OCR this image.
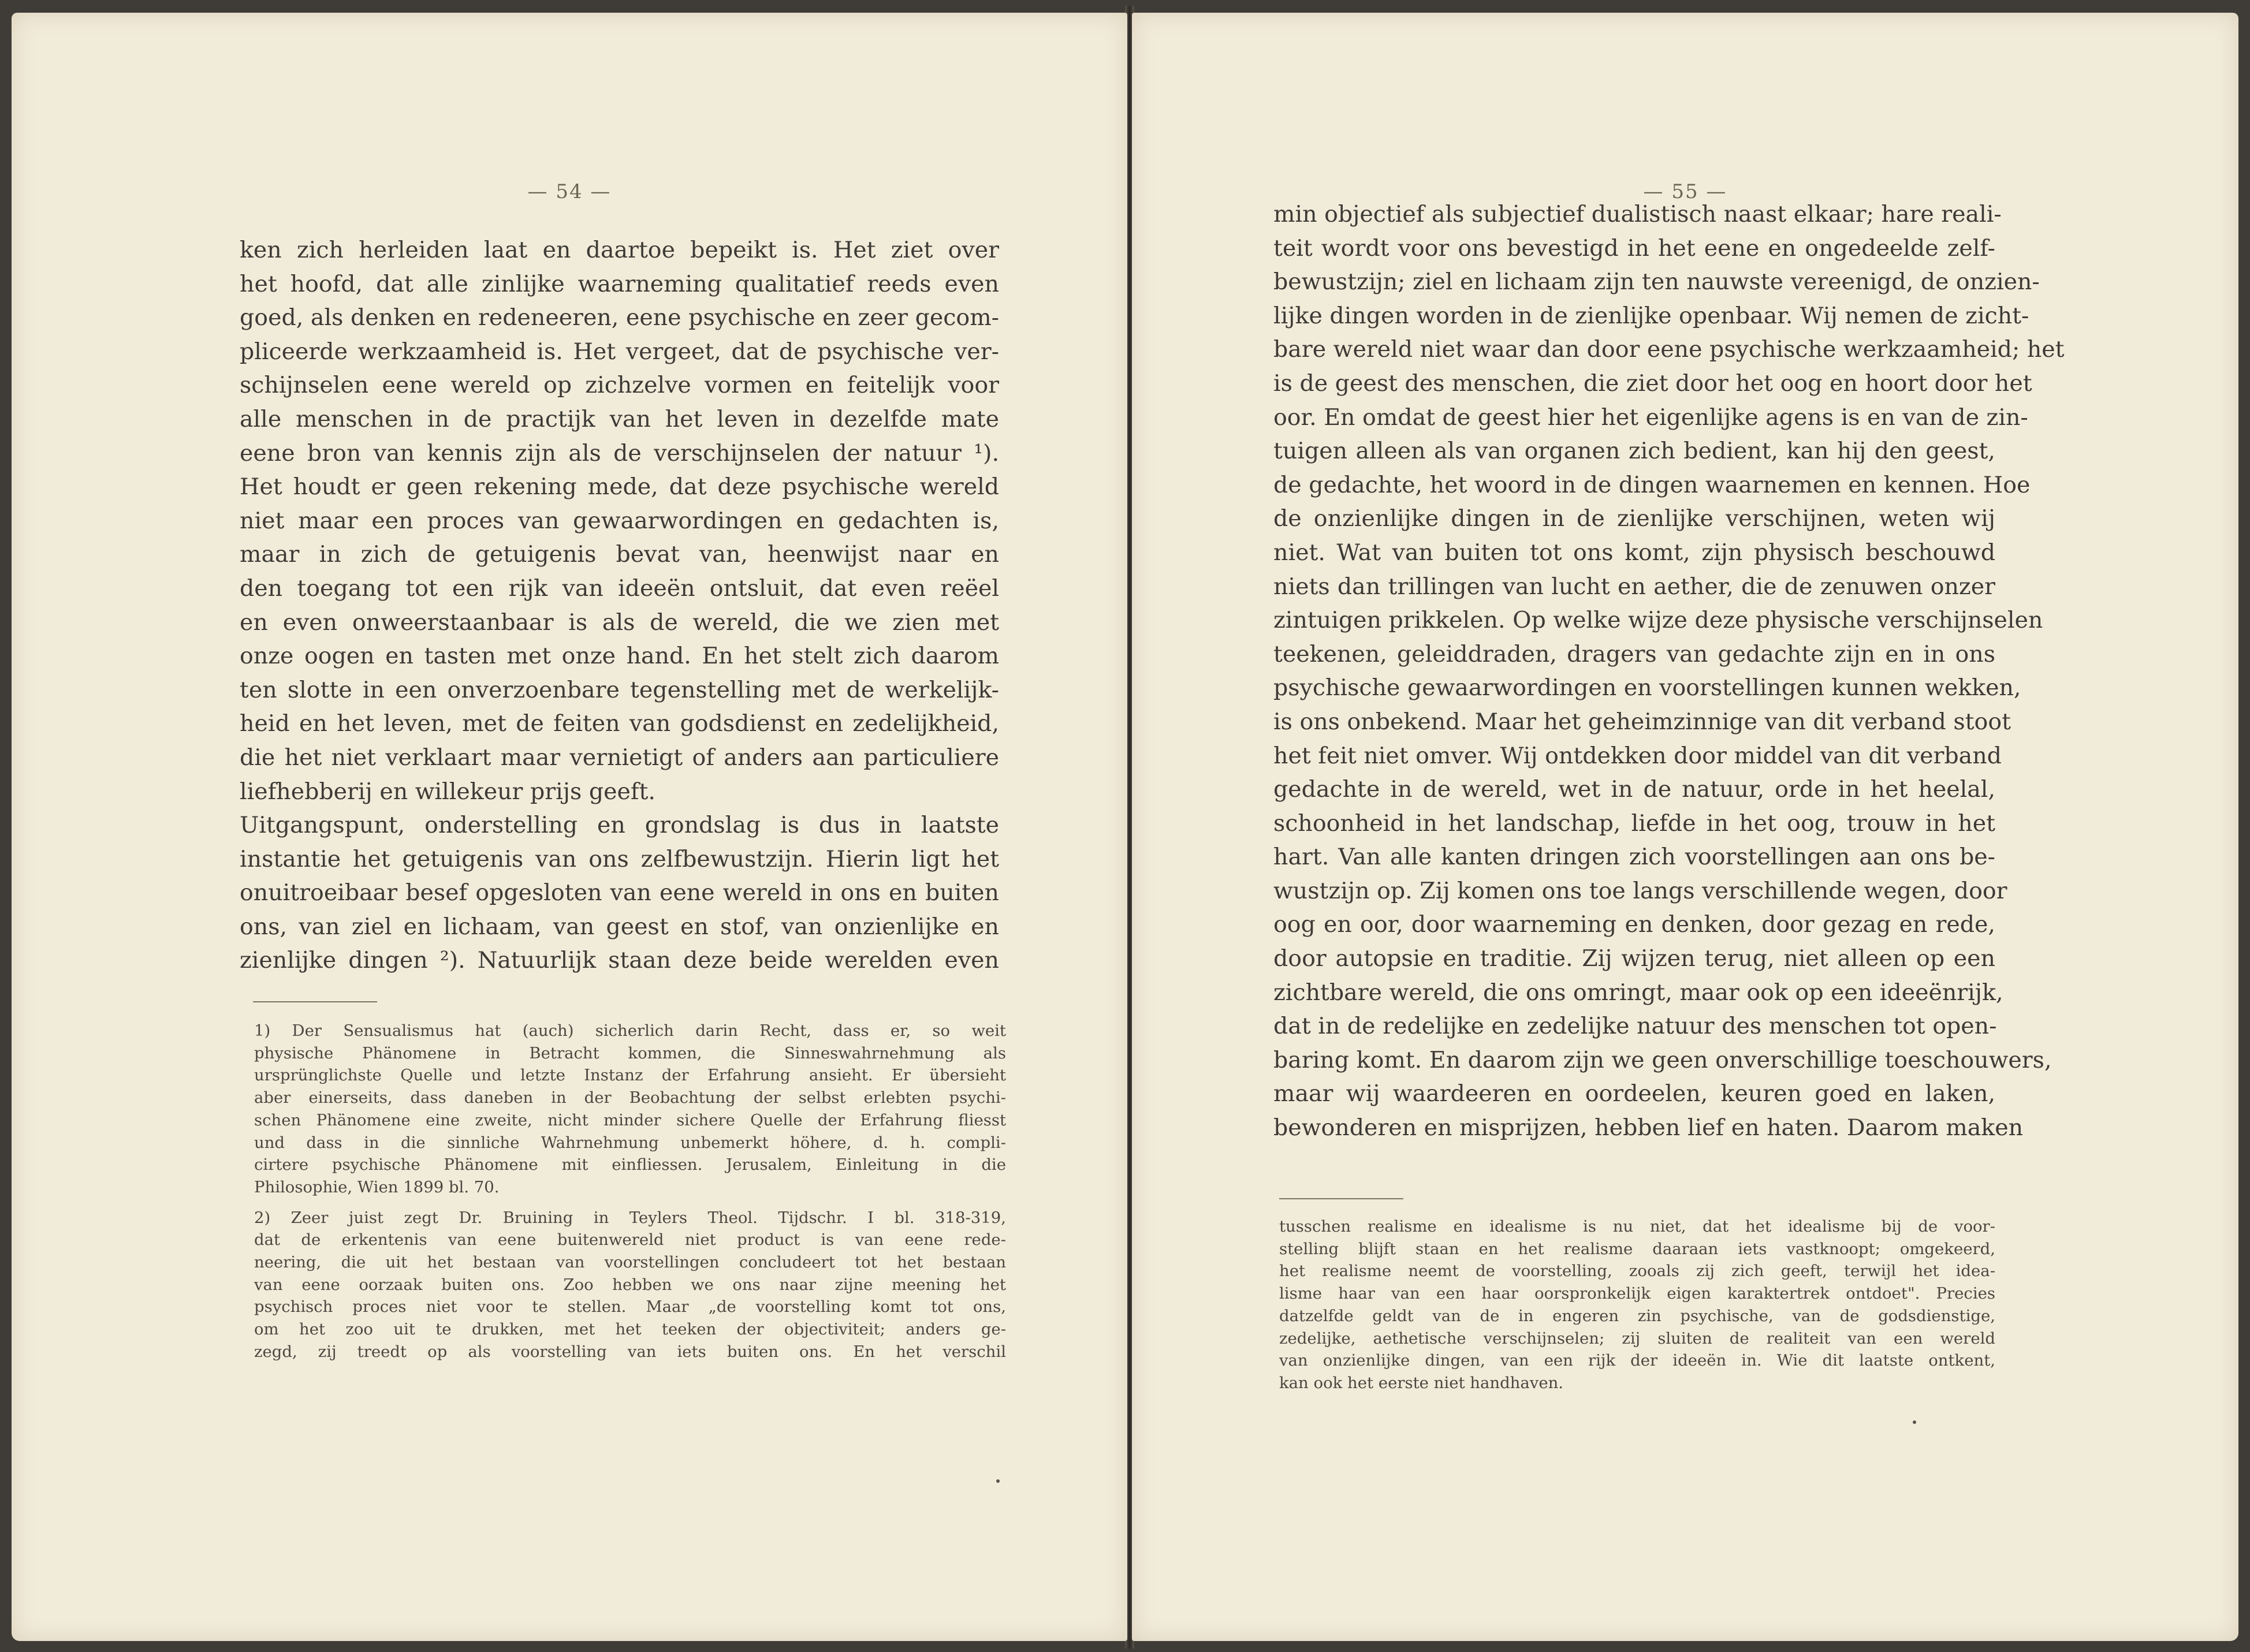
— 54 —
ken zich herleiden laat en daartoe bepeikt is. Het ziet over
het hoofd, dat alle zinlijke waarneming qualitatief reeds even
goed, als denken en redeneeren, eene psychische en zeer gecom-
pliceerde werkzaamheid is. Het vergeet, dat de psychische ver-
schijnselen eene wereld op zichzelve vormen en feitelijk voor
alle menschen in de practijk van het leven in dezelfde mate
eene bron van kennis zijn als de verschijnselen der natuur ¹).
Het houdt er geen rekening mede, dat deze psychische wereld
niet maar een proces van gewaarwordingen en gedachten is,
maar in zich de getuigenis bevat van, heenwijst naar en
den toegang tot een rijk van ideeën ontsluit, dat even reëel
en even onweerstaanbaar is als de wereld, die we zien met
onze oogen en tasten met onze hand. En het stelt zich daarom
ten slotte in een onverzoenbare tegenstelling met de werkelijk-
heid en het leven, met de feiten van godsdienst en zedelijkheid,
die het niet verklaart maar vernietigt of anders aan particuliere
liefhebberij en willekeur prijs geeft.
Uitgangspunt, onderstelling en grondslag is dus in laatste
instantie het getuigenis van ons zelfbewustzijn. Hierin ligt het
onuitroeibaar besef opgesloten van eene wereld in ons en buiten
ons, van ziel en lichaam, van geest en stof, van onzienlijke en
zienlijke dingen ²). Natuurlijk staan deze beide werelden even
1) Der Sensualismus hat (auch) sicherlich darin Recht, dass er, so weit
physische Phänomene in Betracht kommen, die Sinneswahrnehmung als
ursprünglichste Quelle und letzte Instanz der Erfahrung ansieht. Er übersieht
aber einerseits, dass daneben in der Beobachtung der selbst erlebten psychi-
schen Phänomene eine zweite, nicht minder sichere Quelle der Erfahrung fliesst
und dass in die sinnliche Wahrnehmung unbemerkt höhere, d. h. compli-
cirtere psychische Phänomene mit einfliessen. Jerusalem, Einleitung in die
Philosophie, Wien 1899 bl. 70.
2) Zeer juist zegt Dr. Bruining in Teylers Theol. Tijdschr. I bl. 318-319,
dat de erkentenis van eene buitenwereld niet product is van eene rede-
neering, die uit het bestaan van voorstellingen concludeert tot het bestaan
van eene oorzaak buiten ons. Zoo hebben we ons naar zijne meening het
psychisch proces niet voor te stellen. Maar „de voorstelling komt tot ons,
om het zoo uit te drukken, met het teeken der objectiviteit; anders ge-
zegd, zij treedt op als voorstelling van iets buiten ons. En het verschil
— 55 —
min objectief als subjectief dualistisch naast elkaar; hare reali-
teit wordt voor ons bevestigd in het eene en ongedeelde zelf-
bewustzijn; ziel en lichaam zijn ten nauwste vereenigd, de onzien-
lijke dingen worden in de zienlijke openbaar. Wij nemen de zicht-
bare wereld niet waar dan door eene psychische werkzaamheid; het
is de geest des menschen, die ziet door het oog en hoort door het
oor. En omdat de geest hier het eigenlijke agens is en van de zin-
tuigen alleen als van organen zich bedient, kan hij den geest,
de gedachte, het woord in de dingen waarnemen en kennen. Hoe
de onzienlijke dingen in de zienlijke verschijnen, weten wij
niet. Wat van buiten tot ons komt, zijn physisch beschouwd
niets dan trillingen van lucht en aether, die de zenuwen onzer
zintuigen prikkelen. Op welke wijze deze physische verschijnselen
teekenen, geleiddraden, dragers van gedachte zijn en in ons
psychische gewaarwordingen en voorstellingen kunnen wekken,
is ons onbekend. Maar het geheimzinnige van dit verband stoot
het feit niet omver. Wij ontdekken door middel van dit verband
gedachte in de wereld, wet in de natuur, orde in het heelal,
schoonheid in het landschap, liefde in het oog, trouw in het
hart. Van alle kanten dringen zich voorstellingen aan ons be-
wustzijn op. Zij komen ons toe langs verschillende wegen, door
oog en oor, door waarneming en denken, door gezag en rede,
door autopsie en traditie. Zij wijzen terug, niet alleen op een
zichtbare wereld, die ons omringt, maar ook op een ideeënrijk,
dat in de redelijke en zedelijke natuur des menschen tot open-
baring komt. En daarom zijn we geen onverschillige toeschouwers,
maar wij waardeeren en oordeelen, keuren goed en laken,
bewonderen en misprijzen, hebben lief en haten. Daarom maken
tusschen realisme en idealisme is nu niet, dat het idealisme bij de voor-
stelling blijft staan en het realisme daaraan iets vastknoopt; omgekeerd,
het realisme neemt de voorstelling, zooals zij zich geeft, terwijl het idea-
lisme haar van een haar oorspronkelijk eigen karaktertrek ontdoet". Precies
datzelfde geldt van de in engeren zin psychische, van de godsdienstige,
zedelijke, aethetische verschijnselen; zij sluiten de realiteit van een wereld
van onzienlijke dingen, van een rijk der ideeën in. Wie dit laatste ontkent,
kan ook het eerste niet handhaven.
